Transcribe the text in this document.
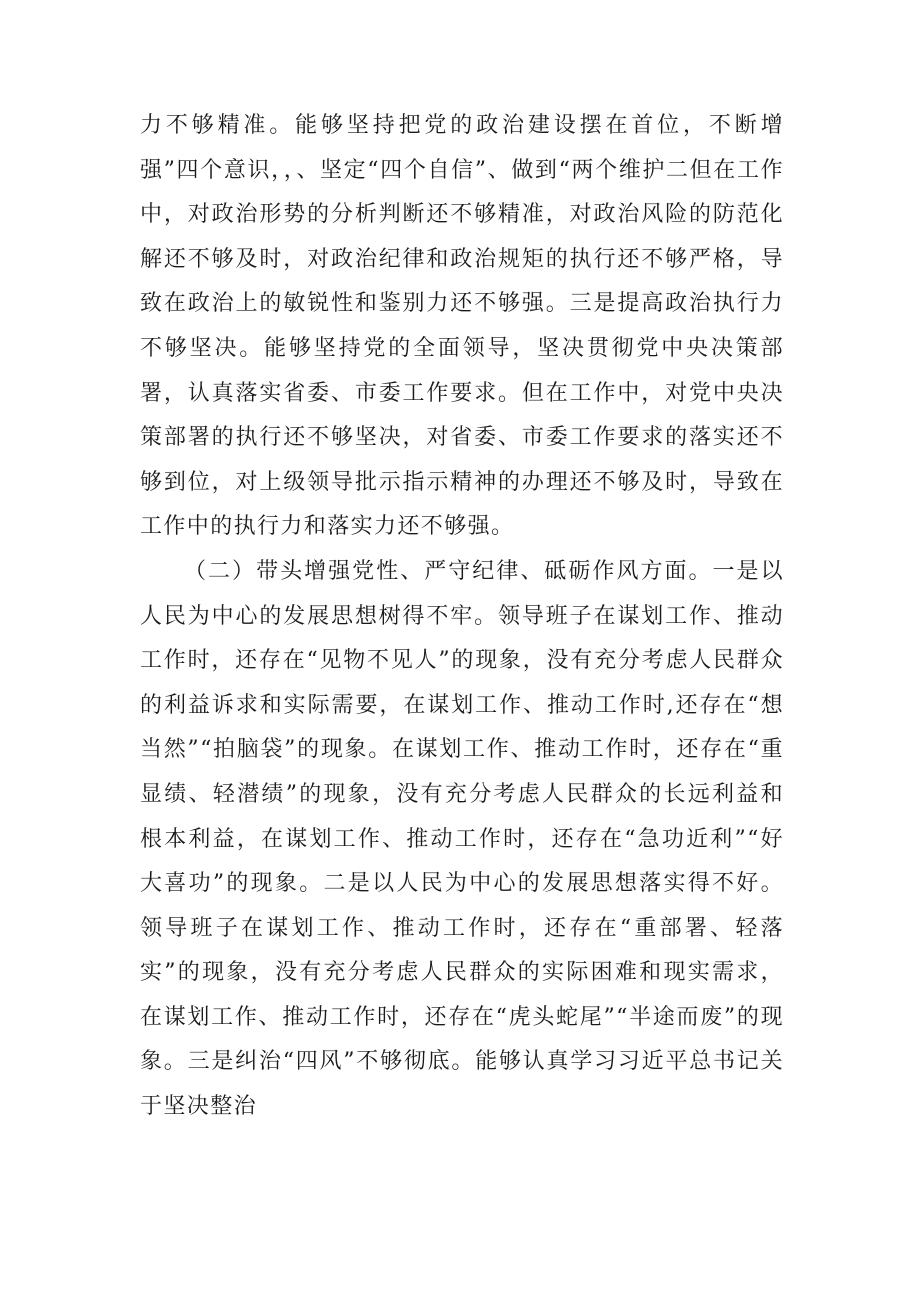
力不够精准。能够坚持把党的政治建设摆在首位，不断增强”四个意识，，、坚定“四个自信”、做到“两个维护二但在工作中，对政治形势的分析判断还不够精准，对政治风险的防范化解还不够及时，对政治纪律和政治规矩的执行还不够严格，导致在政治上的敏锐性和鉴别力还不够强。三是提高政治执行力不够坚决。能够坚持党的全面领导，坚决贯彻党中央决策部署，认真落实省委、市委工作要求。但在工作中，对党中央决策部署的执行还不够坚决，对省委、市委工作要求的落实还不够到位，对上级领导批示指示精神的办理还不够及时，导致在工作中的执行力和落实力还不够强。

（二）带头增强党性、严守纪律、砥砺作风方面。一是以人民为中心的发展思想树得不牢。领导班子在谋划工作、推动工作时，还存在“见物不见人”的现象，没有充分考虑人民群众的利益诉求和实际需要，在谋划工作、推动工作时,还存在“想当然”“拍脑袋”的现象。在谋划工作、推动工作时，还存在“重显绩、轻潜绩”的现象，没有充分考虑人民群众的长远利益和根本利益，在谋划工作、推动工作时，还存在“急功近利”“好大喜功”的现象。二是以人民为中心的发展思想落实得不好。领导班子在谋划工作、推动工作时，还存在“重部署、轻落实”的现象，没有充分考虑人民群众的实际困难和现实需求，在谋划工作、推动工作时，还存在“虎头蛇尾”“半途而废”的现象。三是纠治“四风”不够彻底。能够认真学习习近平总书记关于坚决整治
